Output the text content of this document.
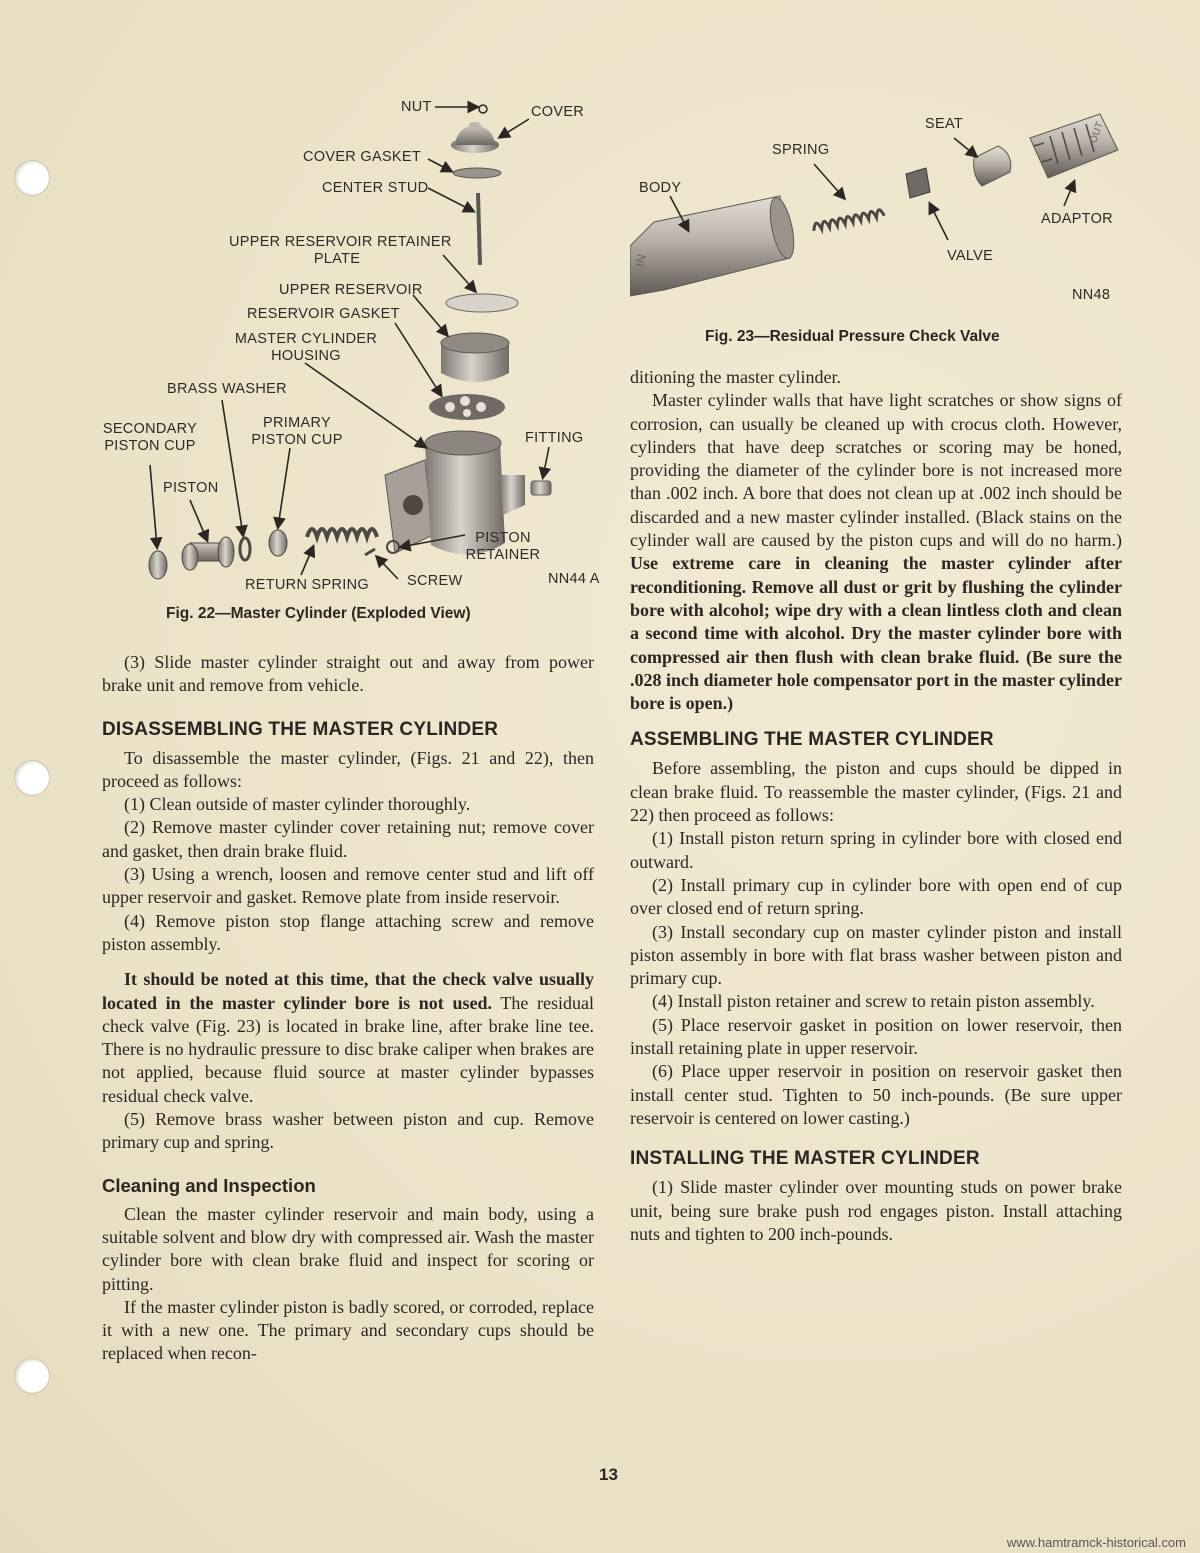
NUT	COVER
COVER GASKET
CENTER STUD
UPPER RESERVOIR RETAINER
PLATE
UPPER RESERVOIR
RESERVOIR GASKET
MASTER CYLINDER
HOUSING
BRASS WASHER
SECONDARY
PISTON CUP
PRIMARY
PISTON CUP	FITTING
PISTON
PISTON
RETAINER
RETURN SPRING	SCREW	NN44 A
Fig. 22—Master Cylinder (Exploded View)
IN
OUT
SEAT
SPRING
BODY
ADAPTOR
VALVE
NN48
Fig. 23—Residual Pressure Check Valve

(3) Slide master cylinder straight out and away from power brake unit and remove from vehicle.

DISASSEMBLING THE MASTER CYLINDER

To disassemble the master cylinder, (Figs. 21 and 22), then proceed as follows:

(1) Clean outside of master cylinder thoroughly.

(2) Remove master cylinder cover retaining nut; remove cover and gasket, then drain brake fluid.

(3) Using a wrench, loosen and remove center stud and lift off upper reservoir and gasket. Remove plate from inside reservoir.

(4) Remove piston stop flange attaching screw and remove piston assembly.

It should be noted at this time, that the check valve usually located in the master cylinder bore is not used. The residual check valve (Fig. 23) is located in brake line, after brake line tee. There is no hydraulic pressure to disc brake caliper when brakes are not applied, because fluid source at master cylinder bypasses residual check valve.

(5) Remove brass washer between piston and cup. Remove primary cup and spring.

Cleaning and Inspection

Clean the master cylinder reservoir and main body, using a suitable solvent and blow dry with compressed air. Wash the master cylinder bore with clean brake fluid and inspect for scoring or pitting.

If the master cylinder piston is badly scored, or corroded, replace it with a new one. The primary and secondary cups should be replaced when recon-

ditioning the master cylinder.

Master cylinder walls that have light scratches or show signs of corrosion, can usually be cleaned up with crocus cloth. However, cylinders that have deep scratches or scoring may be honed, providing the diameter of the cylinder bore is not increased more than .002 inch. A bore that does not clean up at .002 inch should be discarded and a new master cylinder installed. (Black stains on the cylinder wall are caused by the piston cups and will do no harm.) Use extreme care in cleaning the master cylinder after reconditioning. Remove all dust or grit by flushing the cylinder bore with alcohol; wipe dry with a clean lintless cloth and clean a second time with alcohol. Dry the master cylinder bore with compressed air then flush with clean brake fluid. (Be sure the .028 inch diameter hole compensator port in the master cylinder bore is open.)

ASSEMBLING THE MASTER CYLINDER

Before assembling, the piston and cups should be dipped in clean brake fluid. To reassemble the master cylinder, (Figs. 21 and 22) then proceed as follows:

(1) Install piston return spring in cylinder bore with closed end outward.

(2) Install primary cup in cylinder bore with open end of cup over closed end of return spring.

(3) Install secondary cup on master cylinder piston and install piston assembly in bore with flat brass washer between piston and primary cup.

(4) Install piston retainer and screw to retain piston assembly.

(5) Place reservoir gasket in position on lower reservoir, then install retaining plate in upper reservoir.

(6) Place upper reservoir in position on reservoir gasket then install center stud. Tighten to 50 inch-pounds. (Be sure upper reservoir is centered on lower casting.)

INSTALLING THE MASTER CYLINDER

(1) Slide master cylinder over mounting studs on power brake unit, being sure brake push rod engages piston. Install attaching nuts and tighten to 200 inch-pounds.

13
www.hamtramck-historical.com
